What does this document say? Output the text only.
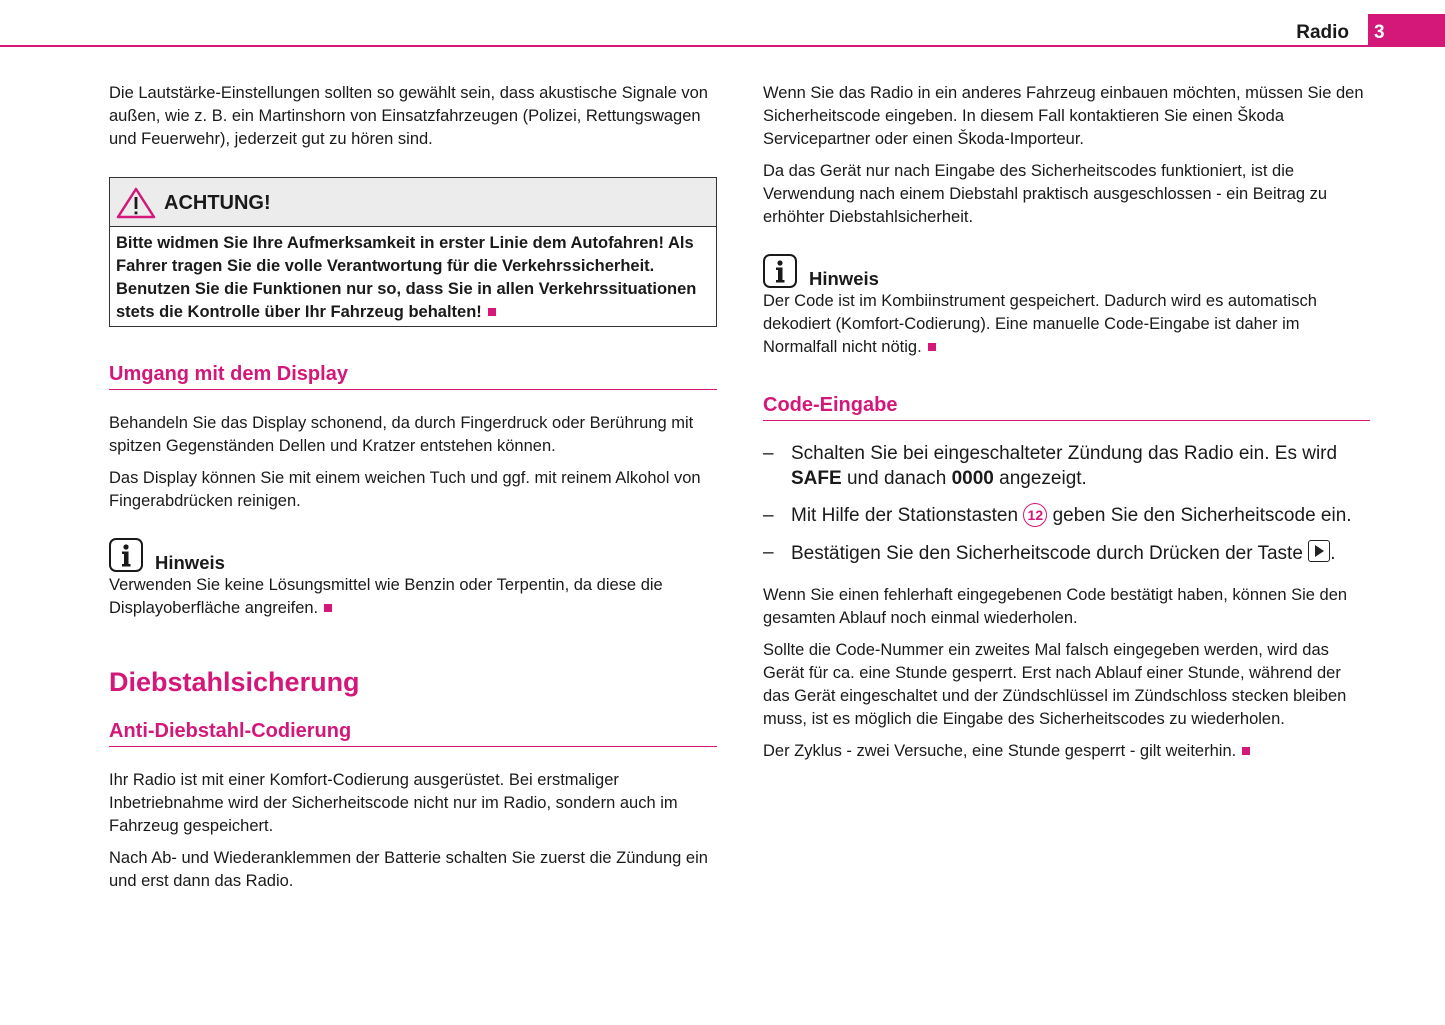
Radio 3

Die Lautstärke-Einstellungen sollten so gewählt sein, dass akustische Signale von außen, wie z. B. ein Martinshorn von Einsatzfahrzeugen (Polizei, Rettungswagen und Feuerwehr), jederzeit gut zu hören sind.

ACHTUNG!
Bitte widmen Sie Ihre Aufmerksamkeit in erster Linie dem Autofahren! Als Fahrer tragen Sie die volle Verantwortung für die Verkehrssicherheit. Benutzen Sie die Funktionen nur so, dass Sie in allen Verkehrssituationen stets die Kontrolle über Ihr Fahrzeug behalten!
Umgang mit dem Display

Behandeln Sie das Display schonend, da durch Fingerdruck oder Berührung mit spitzen Gegenständen Dellen und Kratzer entstehen können.

Das Display können Sie mit einem weichen Tuch und ggf. mit reinem Alkohol von Fingerabdrücken reinigen.

Hinweis

Verwenden Sie keine Lösungsmittel wie Benzin oder Terpentin, da diese die Displayoberfläche angreifen.

Diebstahlsicherung
Anti-Diebstahl-Codierung

Ihr Radio ist mit einer Komfort-Codierung ausgerüstet. Bei erstmaliger Inbetriebnahme wird der Sicherheitscode nicht nur im Radio, sondern auch im Fahrzeug gespeichert.

Nach Ab- und Wiederanklemmen der Batterie schalten Sie zuerst die Zündung ein und erst dann das Radio.

Wenn Sie das Radio in ein anderes Fahrzeug einbauen möchten, müssen Sie den Sicherheitscode eingeben. In diesem Fall kontaktieren Sie einen Škoda Servicepartner oder einen Škoda-Importeur.

Da das Gerät nur nach Eingabe des Sicherheitscodes funktioniert, ist die Verwendung nach einem Diebstahl praktisch ausgeschlossen - ein Beitrag zu erhöhter Diebstahlsicherheit.

Hinweis

Der Code ist im Kombiinstrument gespeichert. Dadurch wird es automatisch dekodiert (Komfort-Codierung). Eine manuelle Code-Eingabe ist daher im Normalfall nicht nötig.

Code-Eingabe
– Schalten Sie bei eingeschalteter Zündung das Radio ein. Es wird SAFE und danach 0000 angezeigt.
– Mit Hilfe der Stationstasten 12 geben Sie den Sicherheitscode ein.
– Bestätigen Sie den Sicherheitscode durch Drücken der Taste .

Wenn Sie einen fehlerhaft eingegebenen Code bestätigt haben, können Sie den gesamten Ablauf noch einmal wiederholen.

Sollte die Code-Nummer ein zweites Mal falsch eingegeben werden, wird das Gerät für ca. eine Stunde gesperrt. Erst nach Ablauf einer Stunde, während der das Gerät eingeschaltet und der Zündschlüssel im Zündschloss stecken bleiben muss, ist es möglich die Eingabe des Sicherheitscodes zu wiederholen.

Der Zyklus - zwei Versuche, eine Stunde gesperrt - gilt weiterhin.
